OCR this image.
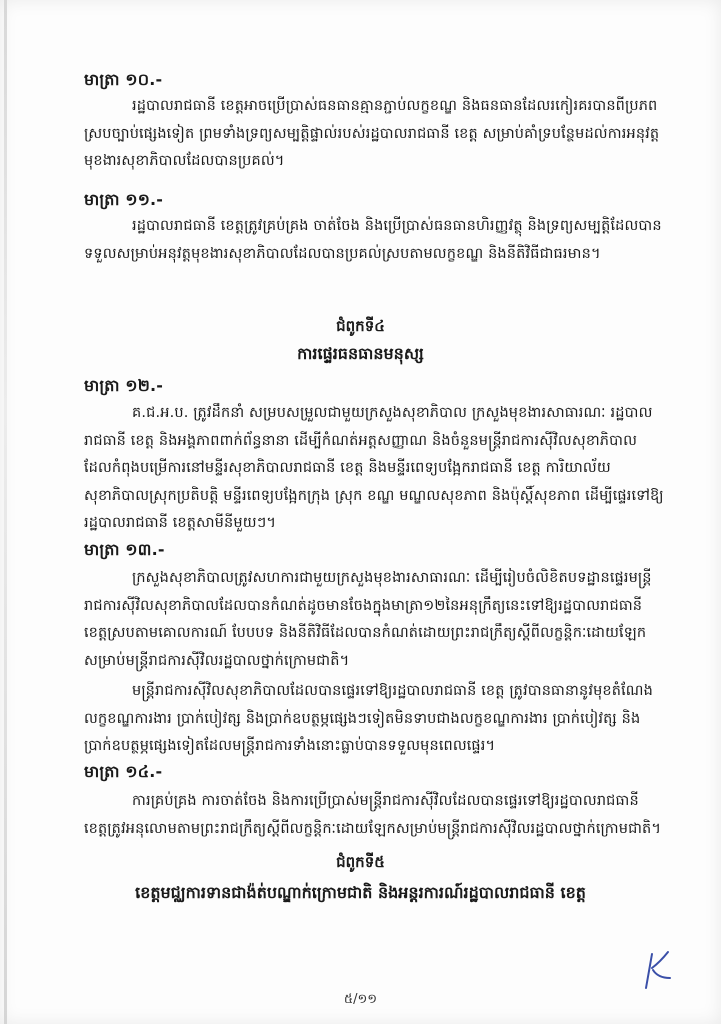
មាត្រា ១០.-
រដ្ឋបាលរាជធានី ខេត្តអាចប្រើប្រាស់ធនធានគ្មានភ្ជាប់លក្ខខណ្ឌ និងធនធានដែលរកៀរគរបានពីប្រភពស្របច្បាប់ផ្សេងទៀត ព្រមទាំងទ្រព្យសម្បត្តិផ្ទាល់របស់រដ្ឋបាលរាជធានី ខេត្ត សម្រាប់គាំទ្របន្ថែមដល់ការអនុវត្តមុខងារសុខាភិបាលដែលបានប្រគល់។
មាត្រា ១១.-
រដ្ឋបាលរាជធានី ខេត្តត្រូវគ្រប់គ្រង ចាត់ចែង និងប្រើប្រាស់ធនធានហិរញ្ញវត្ថុ និងទ្រព្យសម្បត្តិដែលបានទទួលសម្រាប់អនុវត្តមុខងារសុខាភិបាលដែលបានប្រគល់ស្របតាមលក្ខខណ្ឌ និងនីតិវិធីជាធរមាន។
ជំពូកទី៤
ការផ្ទេរធនធានមនុស្ស
មាត្រា ១២.-
គ.ជ.អ.ប. ត្រូវដឹកនាំ សម្របសម្រួលជាមួយក្រសួងសុខាភិបាល ក្រសួងមុខងារសាធារណៈ រដ្ឋបាលរាជធានី ខេត្ត និងអង្គភាពពាក់ព័ន្ធនានា ដើម្បីកំណត់អត្តសញ្ញាណ និងចំនួនមន្ត្រីរាជការស៊ីវិលសុខាភិបាលដែលកំពុងបម្រើការនៅមន្ទីរសុខាភិបាលរាជធានី ខេត្ត និងមន្ទីរពេទ្យបង្អែករាជធានី ខេត្ត ការិយាល័យសុខាភិបាលស្រុកប្រតិបត្តិ មន្ទីរពេទ្យបង្អែកក្រុង ស្រុក ខណ្ឌ មណ្ឌលសុខភាព និងប៉ុស្តិ៍សុខភាព ដើម្បីផ្ទេរទៅឱ្យរដ្ឋបាលរាជធានី ខេត្តសាមីនីមួយៗ។
មាត្រា ១៣.-
ក្រសួងសុខាភិបាលត្រូវសហការជាមួយក្រសួងមុខងារសាធារណៈ ដើម្បីរៀបចំលិខិតបទដ្ឋានផ្ទេរមន្ត្រីរាជការស៊ីវិលសុខាភិបាលដែលបានកំណត់ដូចមានចែងក្នុងមាត្រា១២នៃអនុក្រឹត្យនេះទៅឱ្យរដ្ឋបាលរាជធានី ខេត្តស្របតាមគោលការណ៍ បែបបទ និងនីតិវិធីដែលបានកំណត់ដោយព្រះរាជក្រឹត្យស្ដីពីលក្ខន្តិកៈដោយឡែកសម្រាប់មន្ត្រីរាជការស៊ីវិលរដ្ឋបាលថ្នាក់ក្រោមជាតិ។
មន្ត្រីរាជការស៊ីវិលសុខាភិបាលដែលបានផ្ទេរទៅឱ្យរដ្ឋបាលរាជធានី ខេត្ត ត្រូវបានធានានូវមុខតំណែង លក្ខខណ្ឌការងារ ប្រាក់បៀវត្ស និងប្រាក់ឧបត្ថម្ភផ្សេងៗទៀតមិនទាបជាងលក្ខខណ្ឌការងារ ប្រាក់បៀវត្ស និងប្រាក់ឧបត្ថម្ភផ្សេងទៀតដែលមន្ត្រីរាជការទាំងនោះធ្លាប់បានទទួលមុនពេលផ្ទេរ។
មាត្រា ១៤.-
ការគ្រប់គ្រង ការចាត់ចែង និងការប្រើប្រាស់មន្ត្រីរាជការស៊ីវិលដែលបានផ្ទេរទៅឱ្យរដ្ឋបាលរាជធានី ខេត្តត្រូវអនុលោមតាមព្រះរាជក្រឹត្យស្ដីពីលក្ខន្តិកៈដោយឡែកសម្រាប់មន្ត្រីរាជការស៊ីវិលរដ្ឋបាលថ្នាក់ក្រោមជាតិ។
ជំពូកទី៥
ខេត្តមជ្ឈការទានជាង៉ត់បណ្ឌាក់ក្រោមជាតិ និងអន្តរការណ៍រដ្ឋបាលរាជធានី ខេត្ត
៥/១១
